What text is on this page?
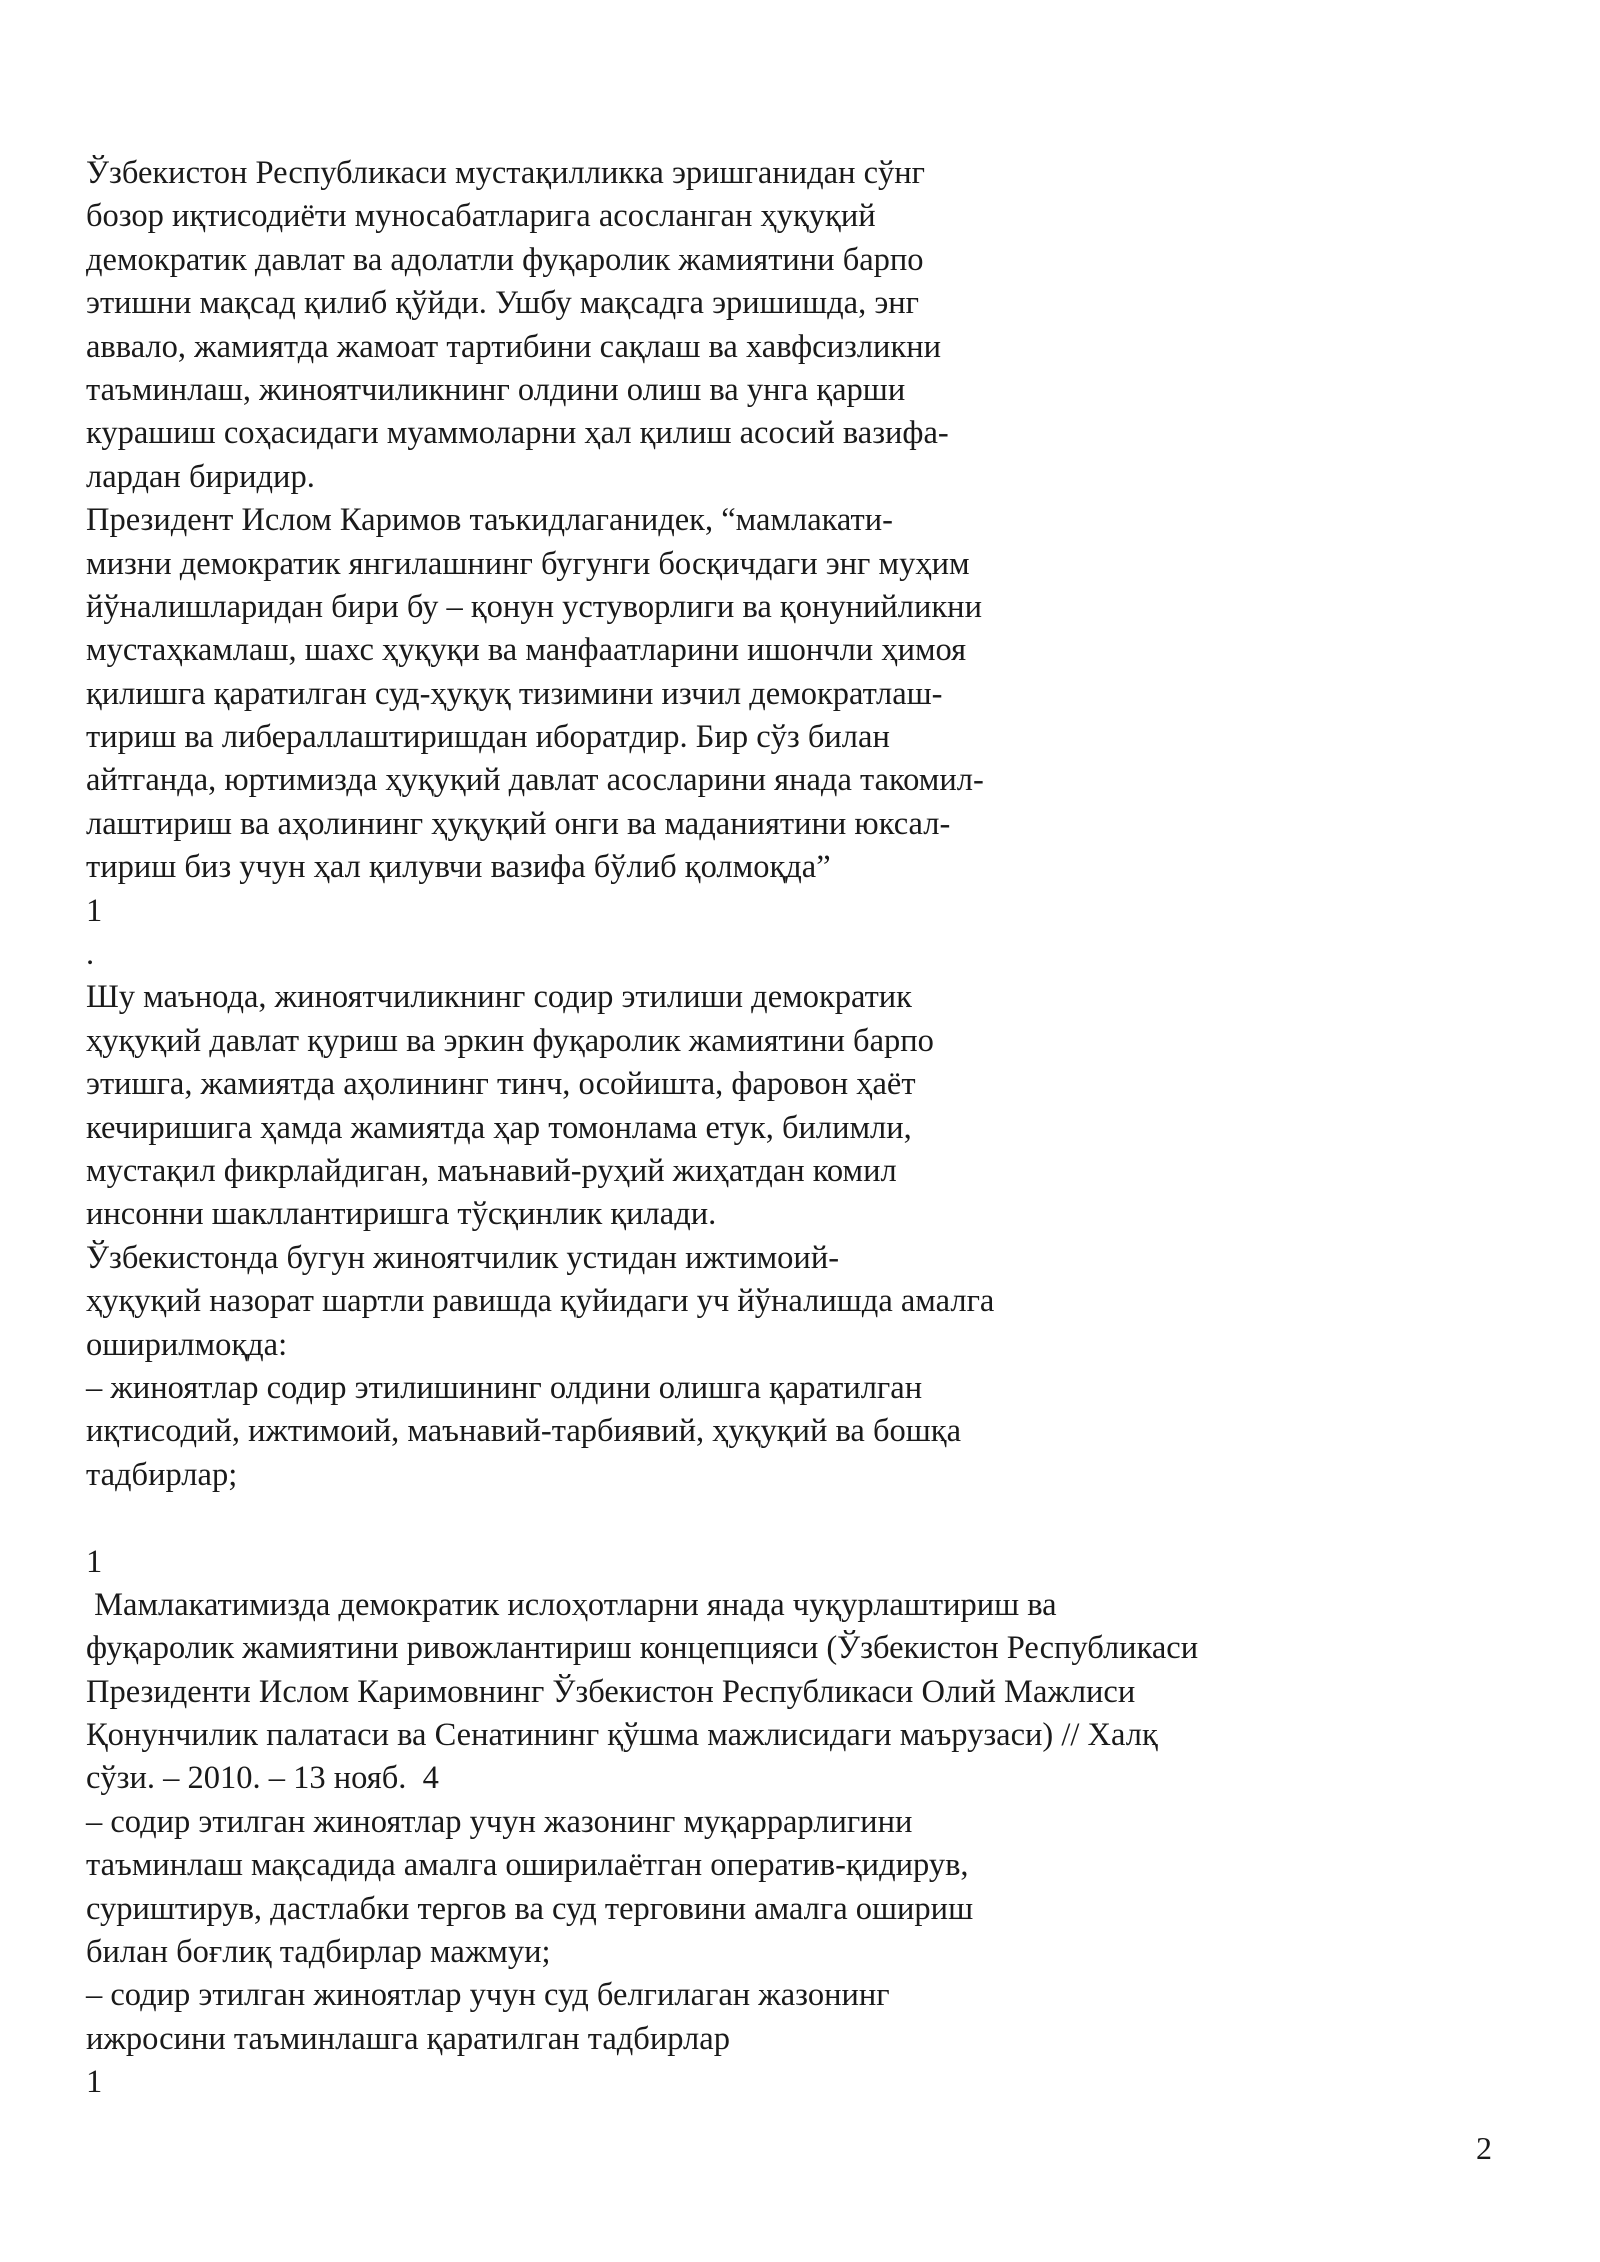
Ўзбекистон Республикаси мустақилликка эришганидан сўнг
бозор иқтисодиёти муносабатларига асосланган ҳуқуқий
демократик давлат ва адолатли фуқаролик жамиятини барпо
этишни мақсад қилиб қўйди. Ушбу мақсадга эришишда, энг
аввало, жамиятда жамоат тартибини сақлаш ва хавфсизликни
таъминлаш, жиноятчиликнинг олдини олиш ва унга қарши
курашиш соҳасидаги муаммоларни ҳал қилиш асосий вазифа-
лардан биридир.
Президент Ислом Каримов таъкидлаганидек, “мамлакати-
мизни демократик янгилашнинг бугунги босқичдаги энг муҳим
йўналишларидан бири бу – қонун устуворлиги ва қонунийликни
мустаҳкамлаш, шахс ҳуқуқи ва манфаатларини ишончли ҳимоя
қилишга қаратилган суд-ҳуқуқ тизимини изчил демократлаш-
тириш ва либераллаштиришдан иборатдир. Бир сўз билан
айтганда, юртимизда ҳуқуқий давлат асосларини янада такомил-
лаштириш ва аҳолининг ҳуқуқий онги ва маданиятини юксал-
тириш биз учун ҳал қилувчи вазифа бўлиб қолмоқда”
1
.
Шу маънода, жиноятчиликнинг содир этилиши демократик
ҳуқуқий давлат қуриш ва эркин фуқаролик жамиятини барпо
этишга, жамиятда аҳолининг тинч, осойишта, фаровон ҳаёт
кечиришига ҳамда жамиятда ҳар томонлама етук, билимли,
мустақил фикрлайдиган, маънавий-руҳий жиҳатдан комил
инсонни шакллантиришга тўсқинлик қилади.
Ўзбекистонда бугун жиноятчилик устидан ижтимоий-
ҳуқуқий назорат шартли равишда қуйидаги уч йўналишда амалга
оширилмоқда:
– жиноятлар содир этилишининг олдини олишга қаратилган
иқтисодий, ижтимоий, маънавий-тарбиявий, ҳуқуқий ва бошқа
тадбирлар;
1
Мамлакатимизда демократик ислоҳотларни янада чуқурлаштириш ва
фуқаролик жамиятини ривожлантириш концепцияси (Ўзбекистон Республикаси
Президенти Ислом Каримовнинг Ўзбекистон Республикаси Олий Мажлиси
Қонунчилик палатаси ва Сенатининг қўшма мажлисидаги маърузаси) // Халқ
сўзи. – 2010. – 13 нояб.  4
– содир этилган жиноятлар учун жазонинг муқаррарлигини
таъминлаш мақсадида амалга оширилаётган оператив-қидирув,
суриштирув, дастлабки тергов ва суд терговини амалга ошириш
билан боғлиқ тадбирлар мажмуи;
– содир этилган жиноятлар учун суд белгилаган жазонинг
ижросини таъминлашга қаратилган тадбирлар
1
2
